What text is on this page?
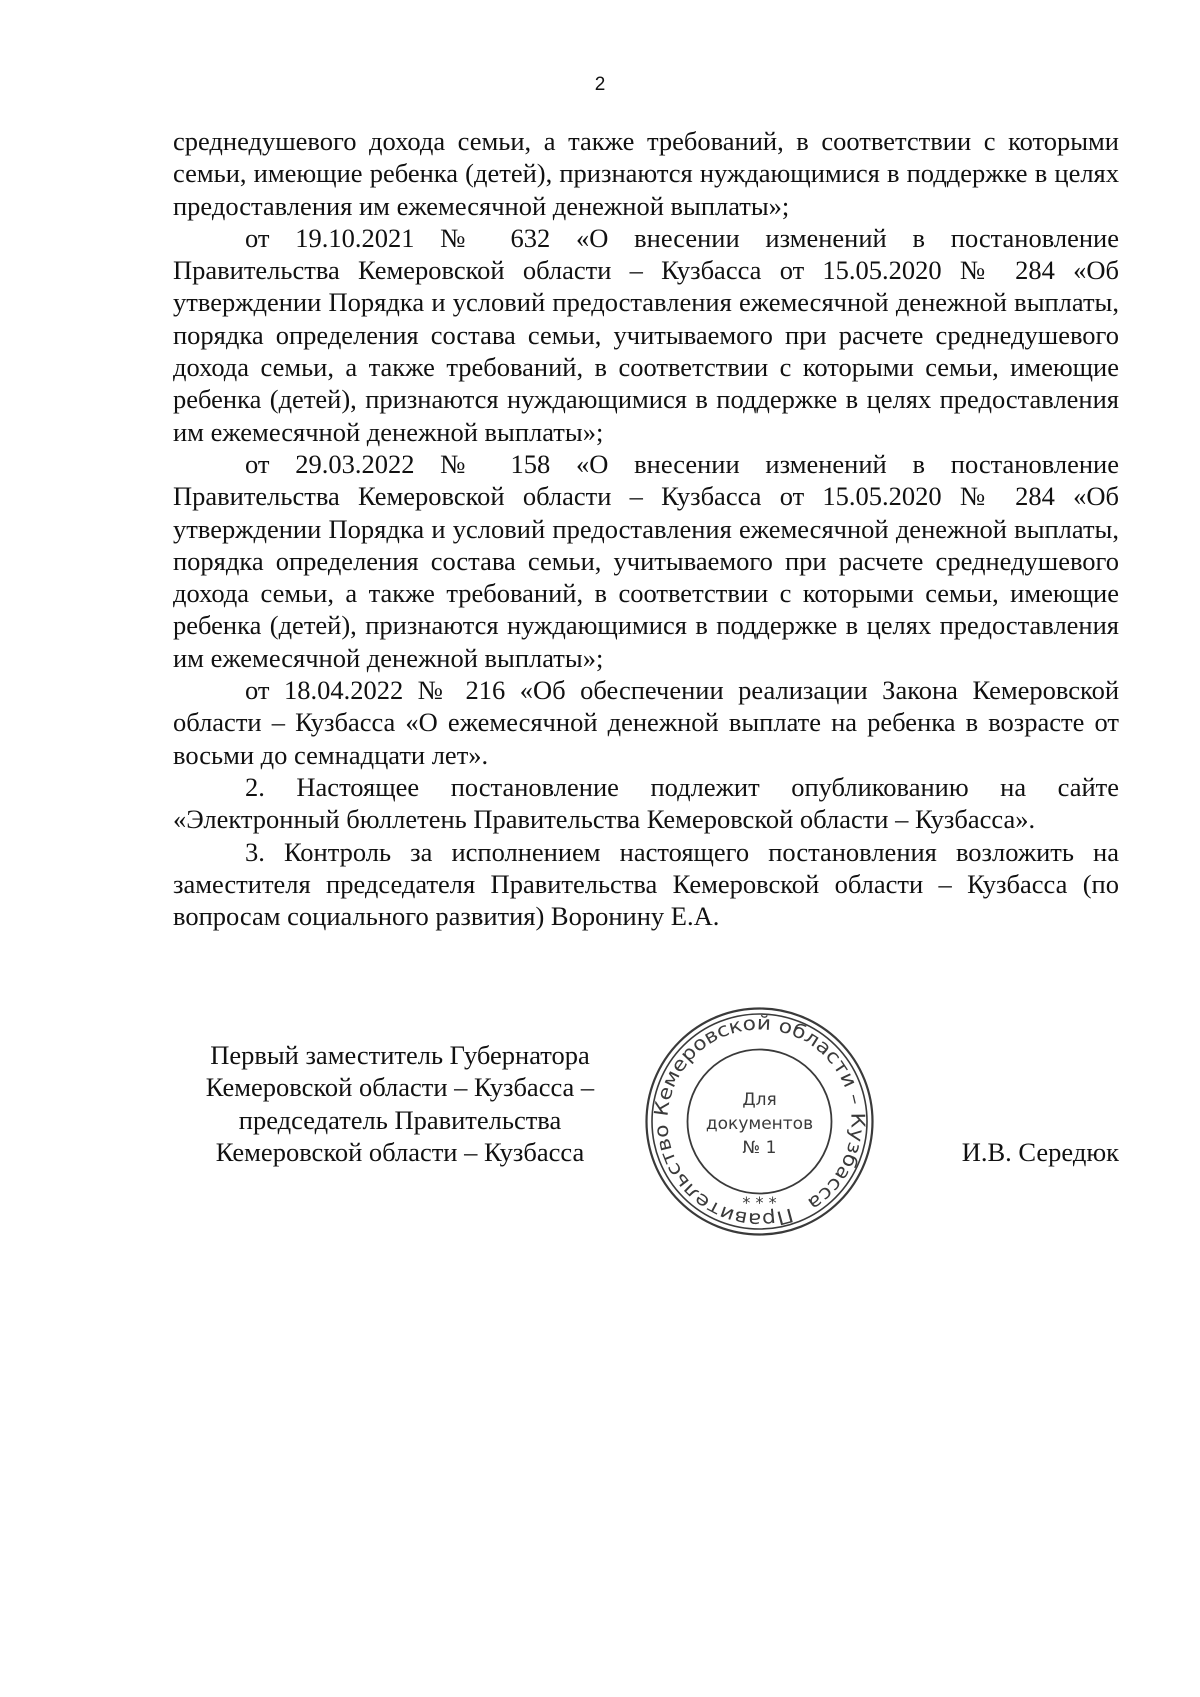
2

среднедушевого дохода семьи, а также требований, в соответствии с которыми семьи, имеющие ребенка (детей), признаются нуждающимися в поддержке в целях предоставления им ежемесячной денежной выплаты»;

от 19.10.2021 № 632 «О внесении изменений в постановление Правительства Кемеровской области – Кузбасса от 15.05.2020 № 284 «Об утверждении Порядка и условий предоставления ежемесячной денежной выплаты, порядка определения состава семьи, учитываемого при расчете среднедушевого дохода семьи, а также требований, в соответствии с которыми семьи, имеющие ребенка (детей), признаются нуждающимися в поддержке в целях предоставления им ежемесячной денежной выплаты»;

от 29.03.2022 № 158 «О внесении изменений в постановление Правительства Кемеровской области – Кузбасса от 15.05.2020 № 284 «Об утверждении Порядка и условий предоставления ежемесячной денежной выплаты, порядка определения состава семьи, учитываемого при расчете среднедушевого дохода семьи, а также требований, в соответствии с которыми семьи, имеющие ребенка (детей), признаются нуждающимися в поддержке в целях предоставления им ежемесячной денежной выплаты»;

от 18.04.2022 № 216 «Об обеспечении реализации Закона Кемеровской области – Кузбасса «О ежемесячной денежной выплате на ребенка в возрасте от восьми до семнадцати лет».

2. Настоящее постановление подлежит опубликованию на сайте «Электронный бюллетень Правительства Кемеровской области – Кузбасса».

3. Контроль за исполнением настоящего постановления возложить на заместителя председателя Правительства Кемеровской области – Кузбасса (по вопросам социального развития) Воронину Е.А.

Первый заместитель Губернатора
Кемеровской области – Кузбасса –
председатель Правительства
Кемеровской области – Кузбасса
Правительство Кемеровской области – Кузбасса
* * *
Для
документов
№ 1	И.В. Середюк
